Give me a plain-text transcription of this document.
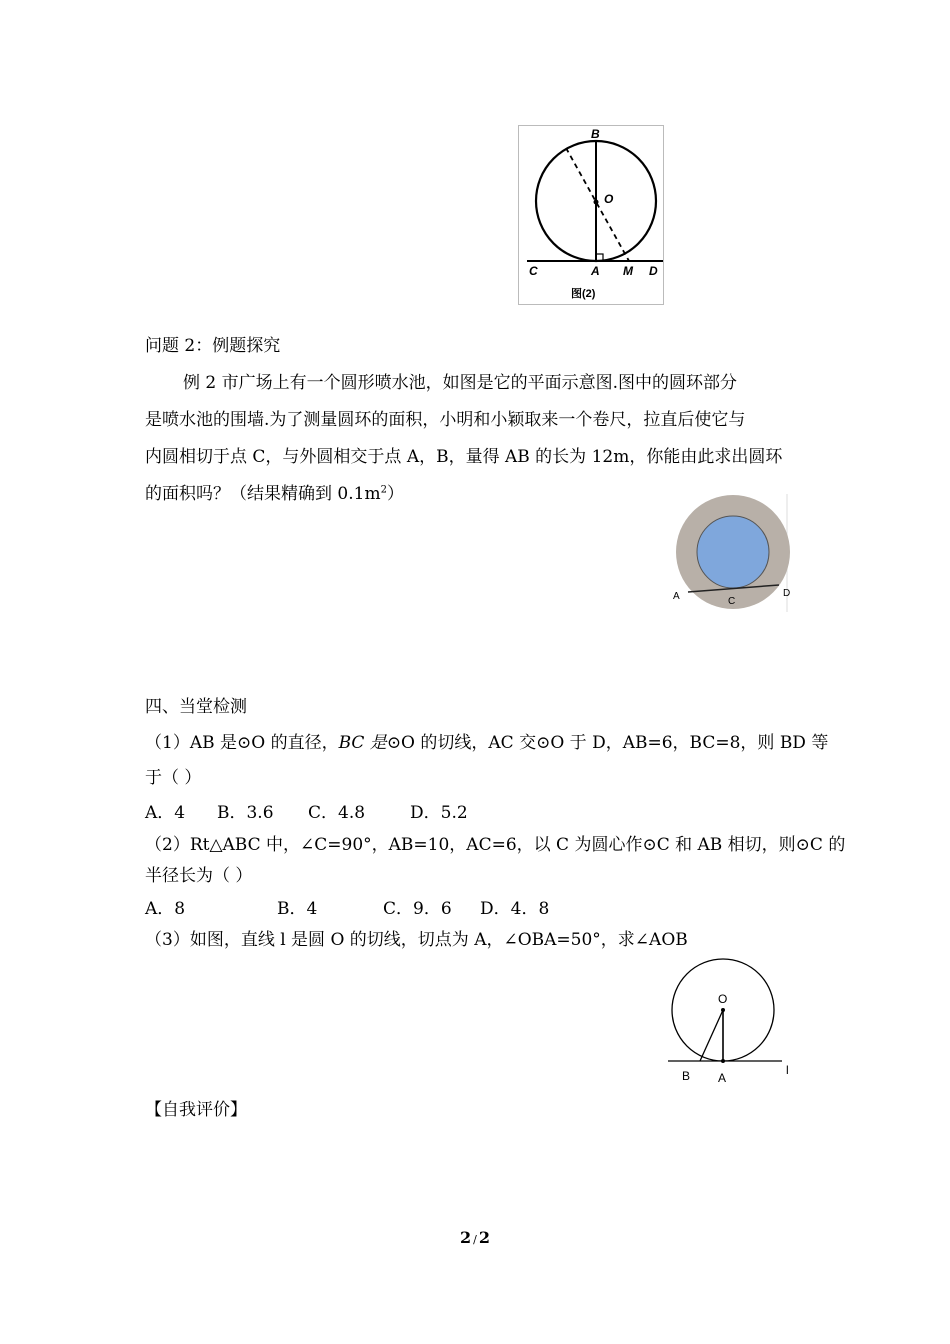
B
O
C	A M D
图(2)
问题 2：例题探究
例 2 市广场上有一个圆形喷水池，如图是它的平面示意图.图中的圆环部分
是喷水池的围墙.为了测量圆环的面积，小明和小颖取来一个卷尺，拉直后使它与
内圆相切于点 C，与外圆相交于点 A，B，量得 AB 的长为 12m，你能由此求出圆环
的面积吗？（结果精确到 $0.1m^2$）
A	C
D
四、当堂检测
（1）AB 是⊙O 的直径，BC 是⊙O 的切线，AC 交⊙O 于 D，AB=6，BC=8，则 BD 等
于（ ）
A．4 B．3.6 C．4.8	D．5.2
（2）Rt△ABC 中，∠C=90°，AB=10，AC=6，以 C 为圆心作⊙C 和 AB 相切，则⊙C 的
半径长为（ ）
A．8	B．4	C．9．6 D．4．8
（3）如图，直线 l 是圆 O 的切线，切点为 A，∠OBA=50°，求∠AOB
O
B A
l
【自我评价】
2 / 2
